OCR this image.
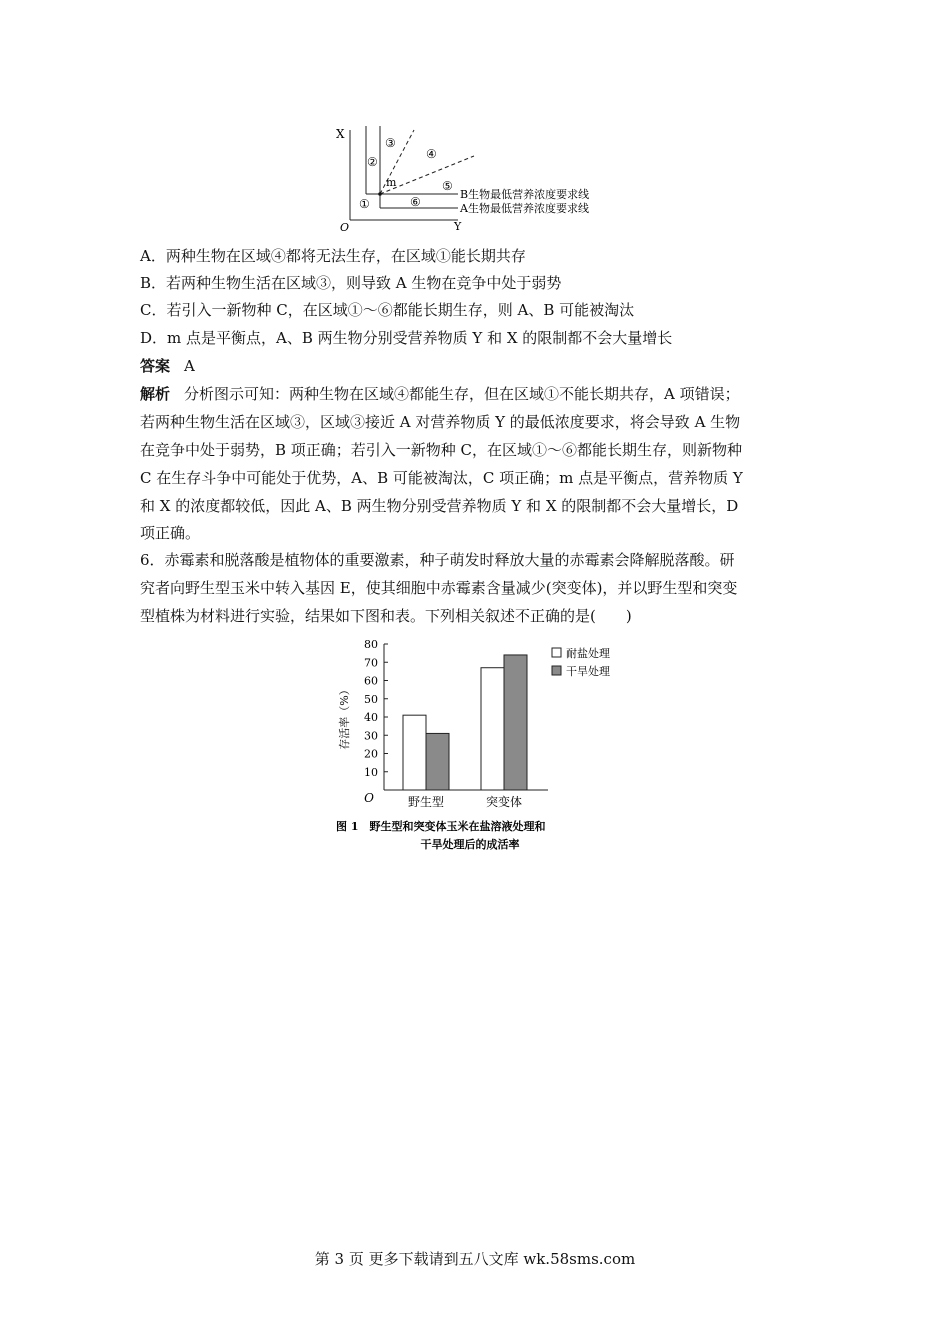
X
Y
O
①
②
③
④
⑤
⑥
m
B生物最低营养浓度要求线
A生物最低营养浓度要求线
A．两种生物在区域④都将无法生存，在区域①能长期共存
B．若两种生物生活在区域③，则导致 A 生物在竞争中处于弱势
C．若引入一新物种 C，在区域①～⑥都能长期生存，则 A、B 可能被淘汰
D．m 点是平衡点，A、B 两生物分别受营养物质 Y 和 X 的限制都不会大量增长
答案 A
解析 分析图示可知：两种生物在区域④都能生存，但在区域①不能长期共存，A 项错误；
若两种生物生活在区域③，区域③接近 A 对营养物质 Y 的最低浓度要求，将会导致 A 生物
在竞争中处于弱势，B 项正确；若引入一新物种 C，在区域①～⑥都能长期生存，则新物种
C 在生存斗争中可能处于优势，A、B 可能被淘汰，C 项正确；m 点是平衡点，营养物质 Y
和 X 的浓度都较低，因此 A、B 两生物分别受营养物质 Y 和 X 的限制都不会大量增长，D
项正确。
6．赤霉素和脱落酸是植物体的重要激素，种子萌发时释放大量的赤霉素会降解脱落酸。研
究者向野生型玉米中转入基因 E，使其细胞中赤霉素含量减少(突变体)，并以野生型和突变
型植株为材料进行实验，结果如下图和表。下列相关叙述不正确的是(　　)
10
20
30
40
50
60
70
80
O
存活率（%）
野生型	突变体
耐盐处理
干旱处理
图 1　野生型和突变体玉米在盐溶液处理和
干旱处理后的成活率
第 3 页 更多下载请到五八文库 wk.58sms.com
